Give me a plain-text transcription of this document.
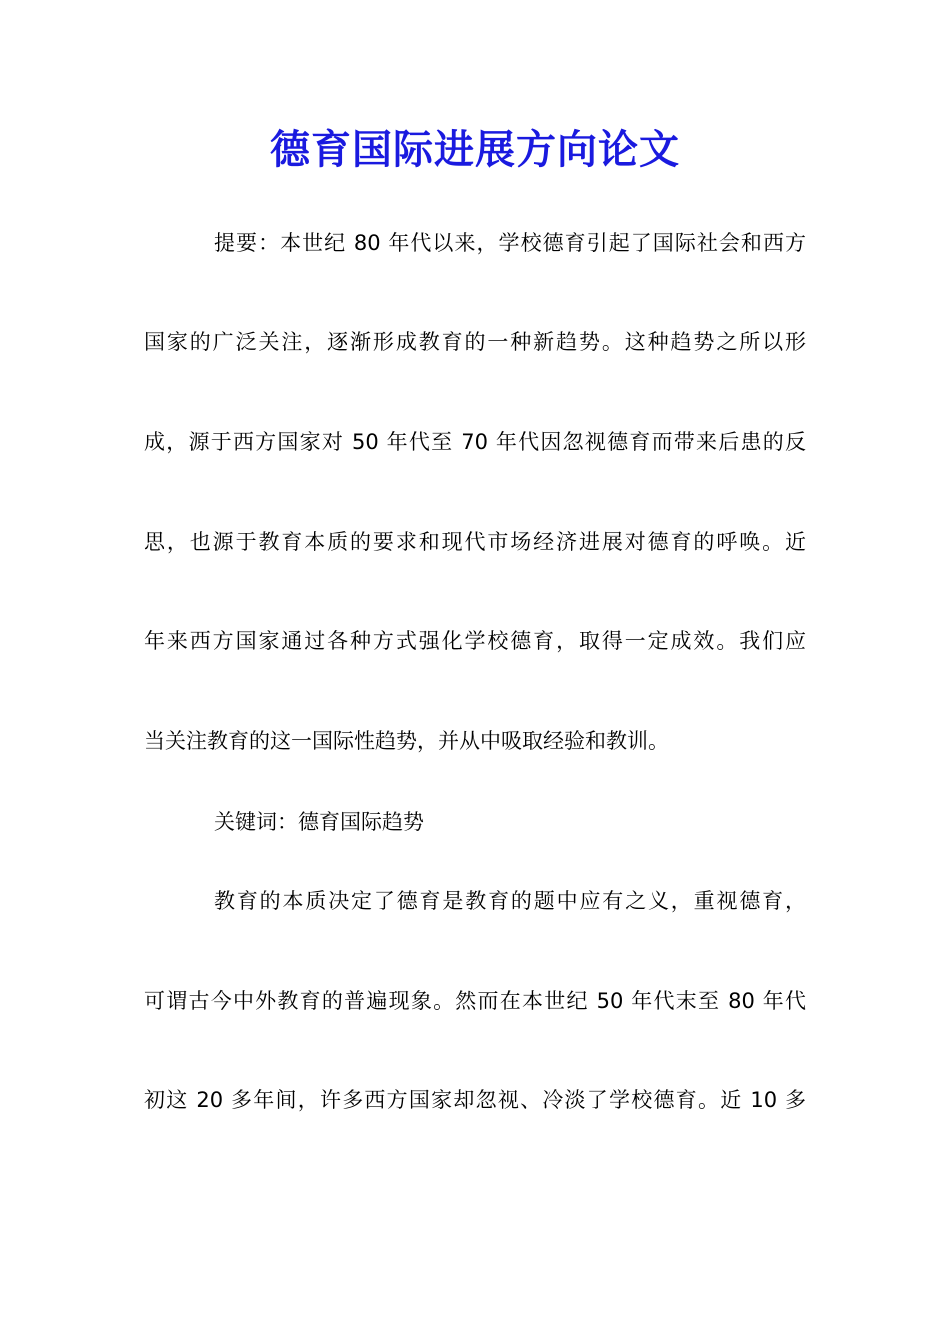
德育国际进展方向论文
提要：本世纪 80 年代以来，学校德育引起了国际社会和西方
国家的广泛关注，逐渐形成教育的一种新趋势。这种趋势之所以形
成，源于西方国家对 50 年代至 70 年代因忽视德育而带来后患的反
思，也源于教育本质的要求和现代市场经济进展对德育的呼唤。近
年来西方国家通过各种方式强化学校德育，取得一定成效。我们应
当关注教育的这一国际性趋势，并从中吸取经验和教训。
关键词：德育国际趋势
教育的本质决定了德育是教育的题中应有之义，重视德育，
可谓古今中外教育的普遍现象。然而在本世纪 50 年代末至 80 年代
初这 20 多年间，许多西方国家却忽视、冷淡了学校德育。近 10 多
